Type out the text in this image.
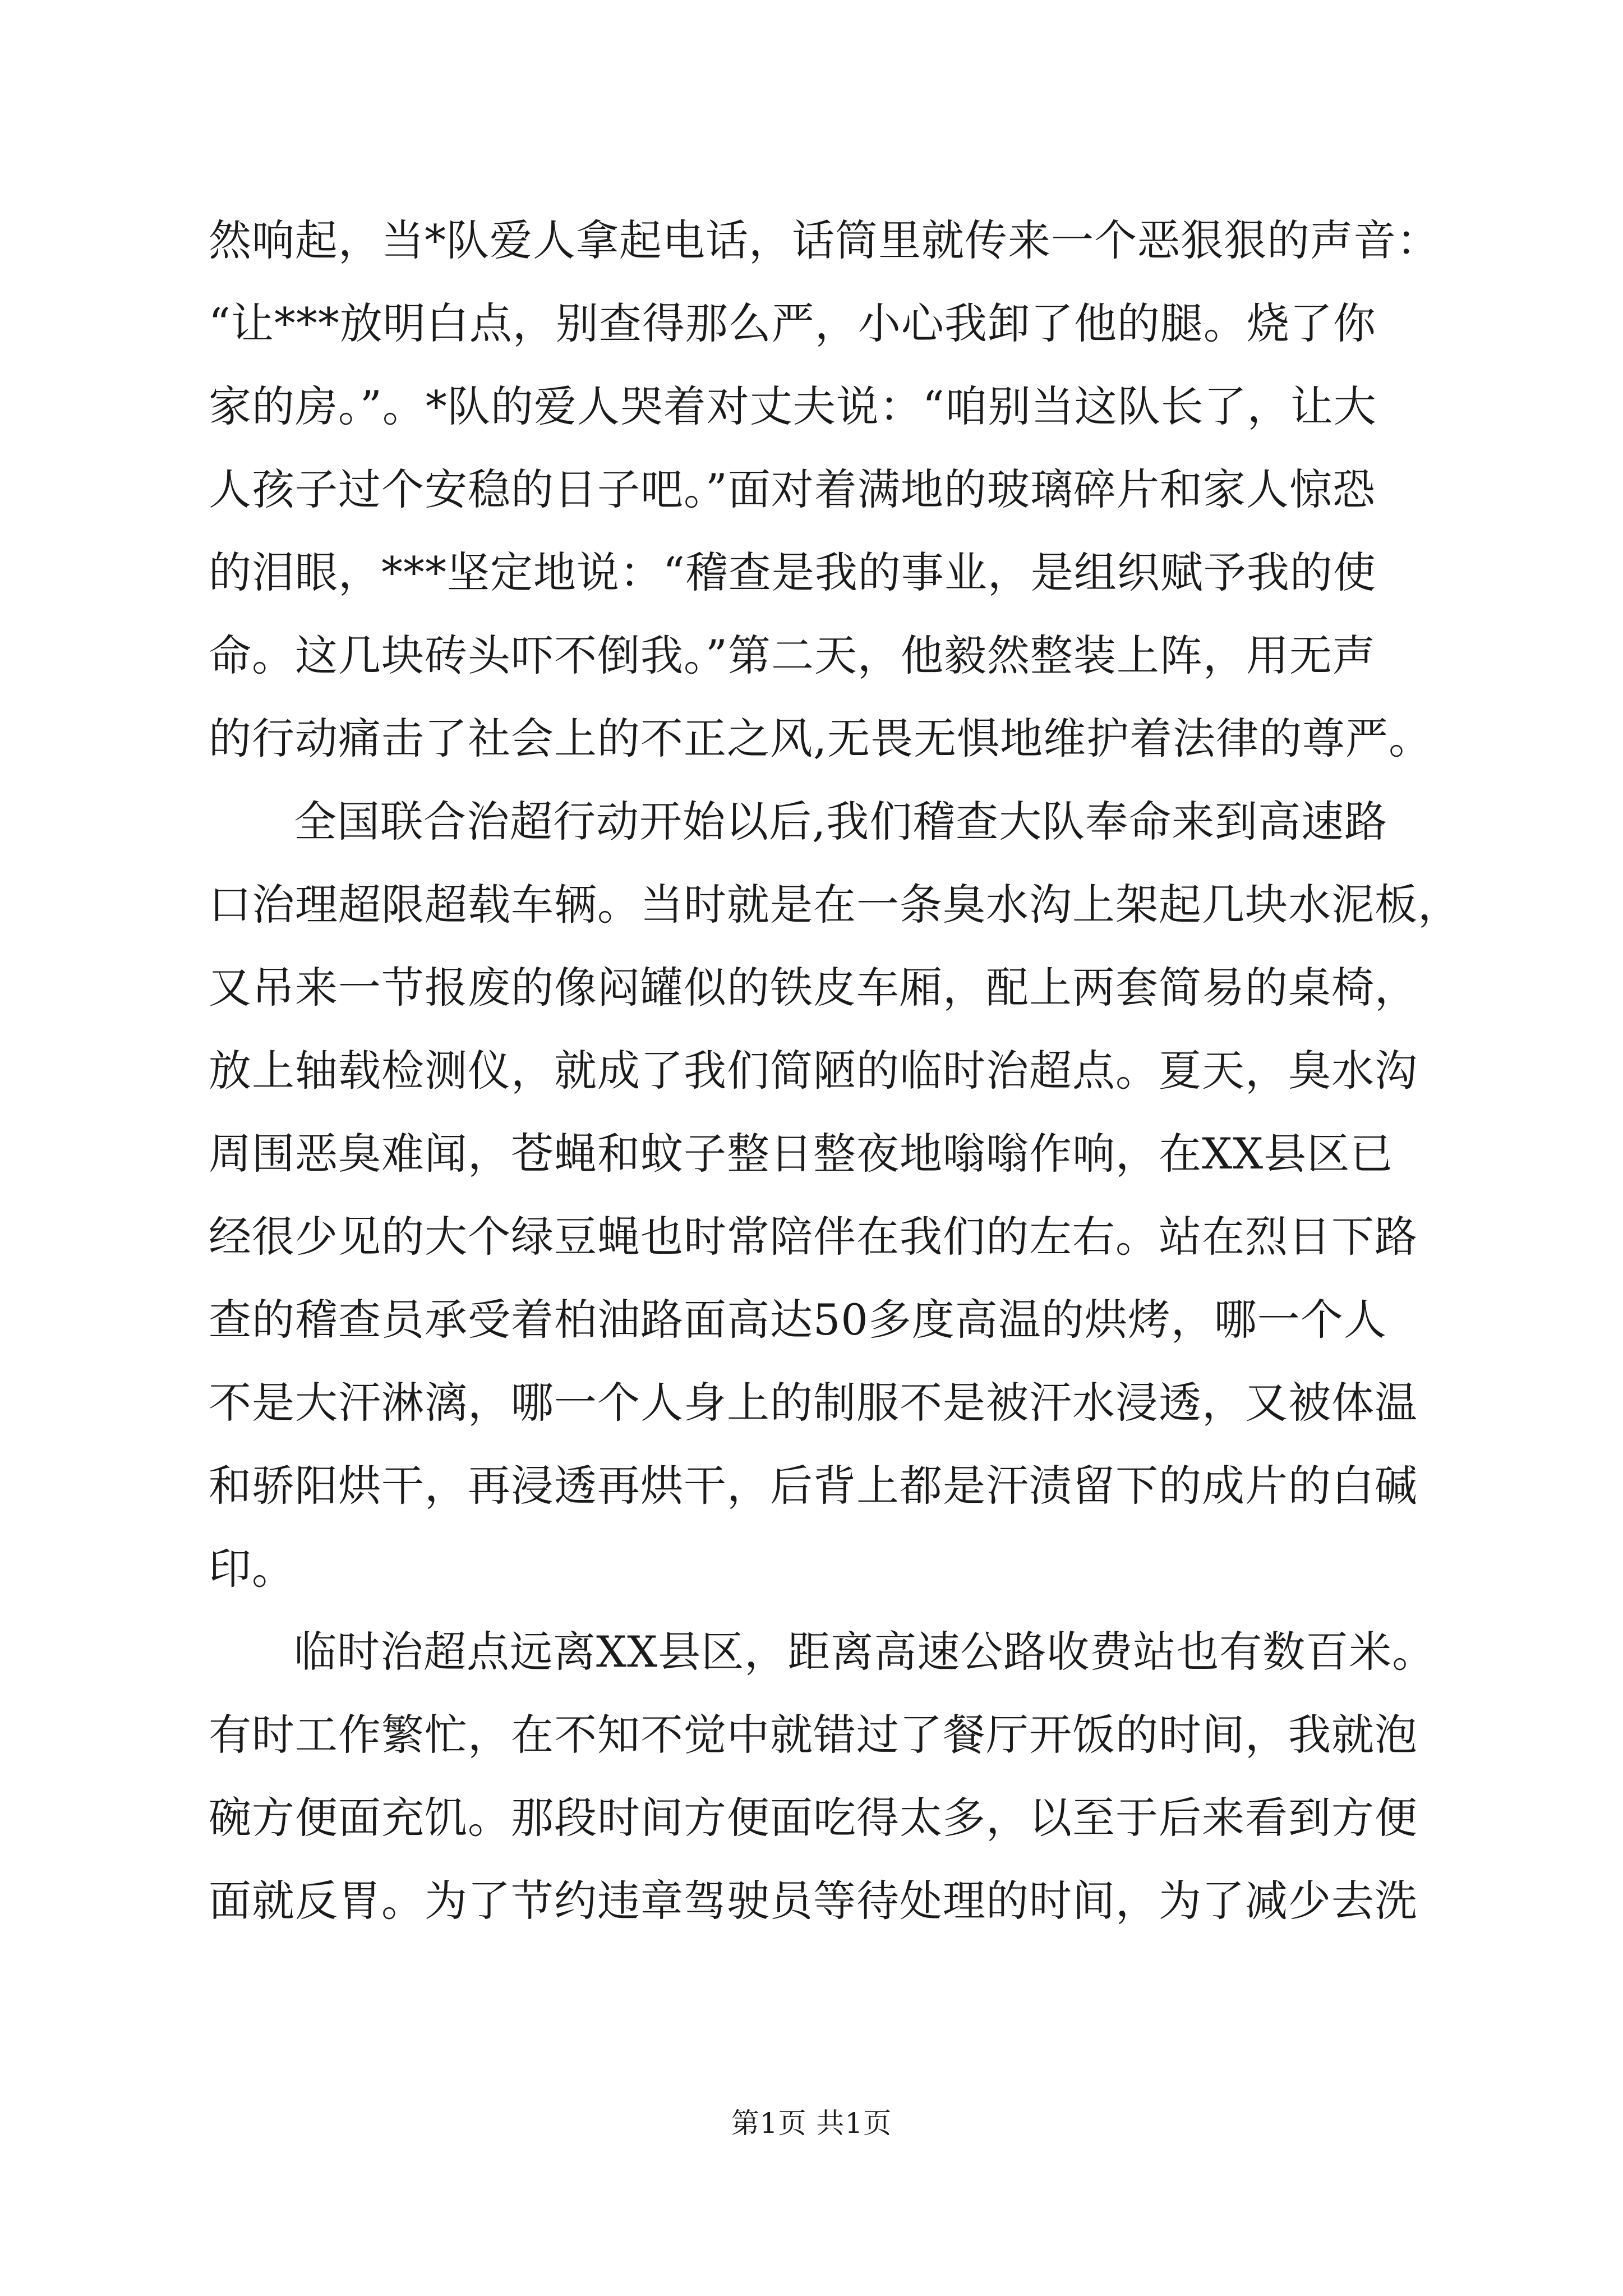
然响起，当*队爱人拿起电话，话筒里就传来一个恶狠狠的声音：
“让***放明白点，别查得那么严，小心我卸了他的腿。烧了你
家的房。”。*队的爱人哭着对丈夫说：“咱别当这队长了，让大
人孩子过个安稳的日子吧。”面对着满地的玻璃碎片和家人惊恐
的泪眼，***坚定地说：“稽查是我的事业，是组织赋予我的使
命。这几块砖头吓不倒我。”第二天，他毅然整装上阵，用无声
的行动痛击了社会上的不正之风,无畏无惧地维护着法律的尊严。
全国联合治超行动开始以后,我们稽查大队奉命来到高速路
口治理超限超载车辆。当时就是在一条臭水沟上架起几块水泥板，
又吊来一节报废的像闷罐似的铁皮车厢，配上两套简易的桌椅，
放上轴载检测仪，就成了我们简陋的临时治超点。夏天，臭水沟
周围恶臭难闻，苍蝇和蚊子整日整夜地嗡嗡作响，在XX县区已
经很少见的大个绿豆蝇也时常陪伴在我们的左右。站在烈日下路
查的稽查员承受着柏油路面高达50多度高温的烘烤，哪一个人
不是大汗淋漓，哪一个人身上的制服不是被汗水浸透，又被体温
和骄阳烘干，再浸透再烘干，后背上都是汗渍留下的成片的白碱
印。
临时治超点远离XX县区，距离高速公路收费站也有数百米。
有时工作繁忙，在不知不觉中就错过了餐厅开饭的时间，我就泡
碗方便面充饥。那段时间方便面吃得太多，以至于后来看到方便
面就反胃。为了节约违章驾驶员等待处理的时间，为了减少去洗
第1页 共1页
